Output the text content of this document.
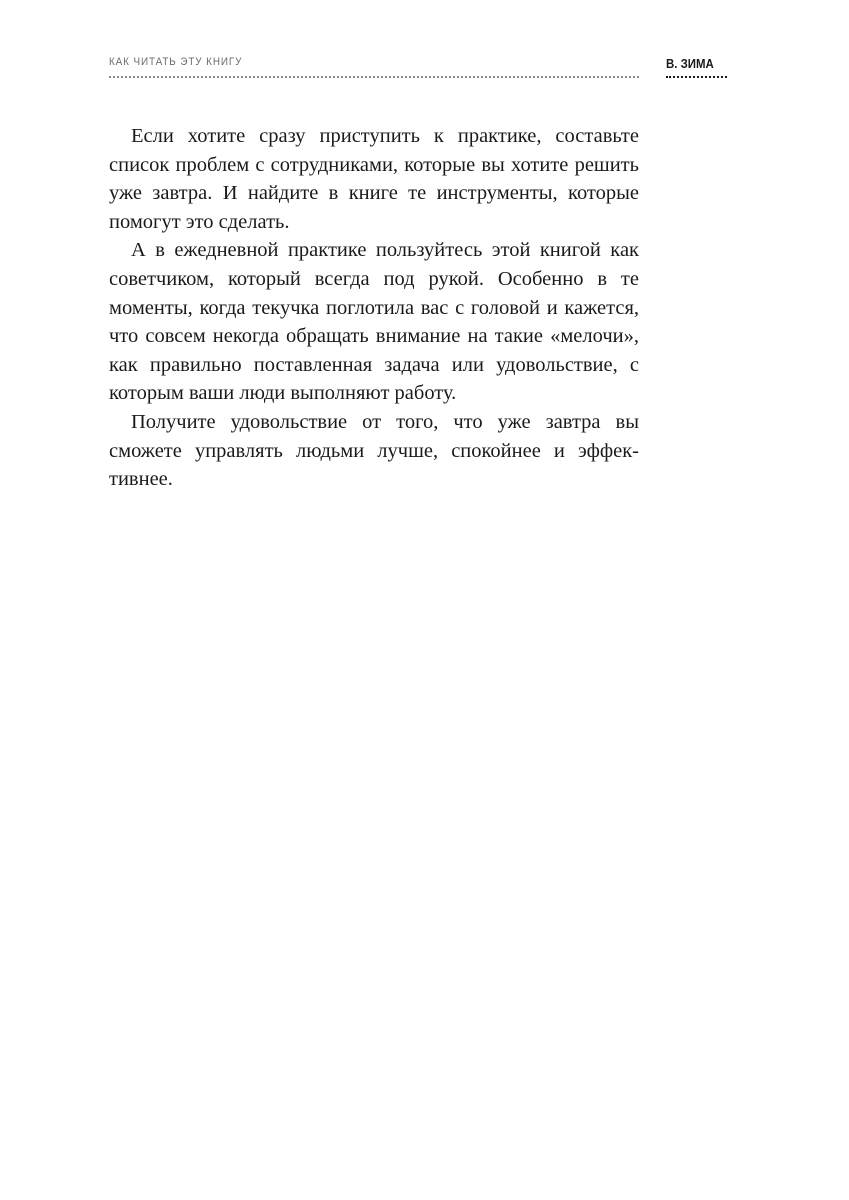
КАК ЧИТАТЬ ЭТУ КНИГУ	В. ЗИМА

Если хотите сразу приступить к практике, составьте список проблем с сотрудниками, которые вы хотите решить уже завтра. И найдите в книге те инструменты, которые помогут это сделать.

А в ежедневной практике пользуйтесь этой книгой как советчиком, который всегда под рукой. Особенно в те моменты, когда текучка поглотила вас с головой и кажется, что совсем некогда обращать внимание на такие «мелочи», как правильно поставленная задача или удовольствие, с которым ваши люди выполняют работу.

Получите удовольствие от того, что уже завтра вы сможете управлять людьми лучше, спокойнее и эффективнее.
